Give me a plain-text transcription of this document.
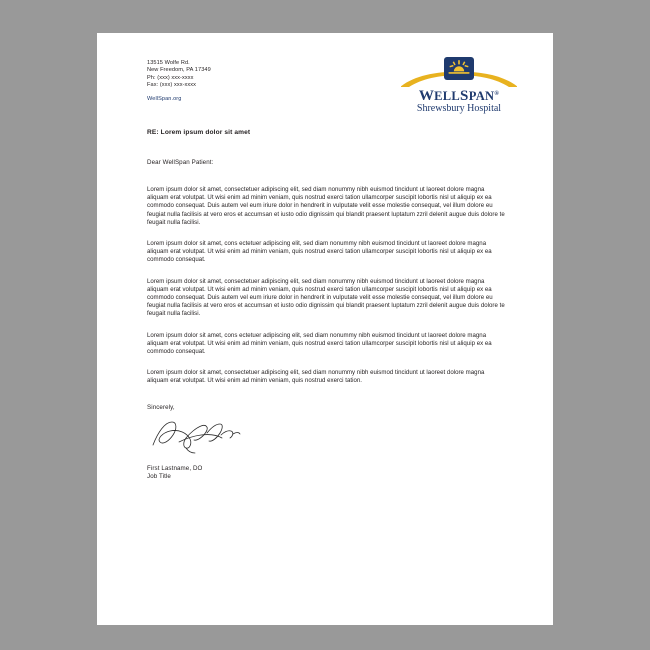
13515 Wolfe Rd.
New Freedom, PA 17349
Ph: (xxx) xxx-xxxx
Fax: (xxx) xxx-xxxx
WellSpan.org	WELLSPAN®
Shrewsbury Hospital
RE: Lorem ipsum dolor sit amet
Dear WellSpan Patient:
Lorem ipsum dolor sit amet, consectetuer adipiscing elit, sed diam nonummy nibh euismod tincidunt ut laoreet dolore magna aliquam erat volutpat. Ut wisi enim ad minim veniam, quis nostrud exerci tation ullamcorper suscipit lobortis nisl ut aliquip ex ea commodo consequat. Duis autem vel eum iriure dolor in hendrerit in vulputate velit esse molestie consequat, vel illum dolore eu feugiat nulla facilisis at vero eros et accumsan et iusto odio dignissim qui blandit praesent luptatum zzril delenit augue duis dolore te feugait nulla facilisi.
Lorem ipsum dolor sit amet, cons ectetuer adipiscing elit, sed diam nonummy nibh euismod tincidunt ut laoreet dolore magna aliquam erat volutpat. Ut wisi enim ad minim veniam, quis nostrud exerci tation ullamcorper suscipit lobortis nisl ut aliquip ex ea commodo consequat.
Lorem ipsum dolor sit amet, consectetuer adipiscing elit, sed diam nonummy nibh euismod tincidunt ut laoreet dolore magna aliquam erat volutpat. Ut wisi enim ad minim veniam, quis nostrud exerci tation ullamcorper suscipit lobortis nisl ut aliquip ex ea commodo consequat. Duis autem vel eum iriure dolor in hendrerit in vulputate velit esse molestie consequat, vel illum dolore eu feugiat nulla facilisis at vero eros et accumsan et iusto odio dignissim qui blandit praesent luptatum zzril delenit augue duis dolore te feugait nulla facilisi.
Lorem ipsum dolor sit amet, cons ectetuer adipiscing elit, sed diam nonummy nibh euismod tincidunt ut laoreet dolore magna aliquam erat volutpat. Ut wisi enim ad minim veniam, quis nostrud exerci tation ullamcorper suscipit lobortis nisl ut aliquip ex ea commodo consequat.
Lorem ipsum dolor sit amet, consectetuer adipiscing elit, sed diam nonummy nibh euismod tincidunt ut laoreet dolore magna aliquam erat volutpat. Ut wisi enim ad minim veniam, quis nostrud exerci tation.
Sincerely,
First Lastname, DO
Job Title
